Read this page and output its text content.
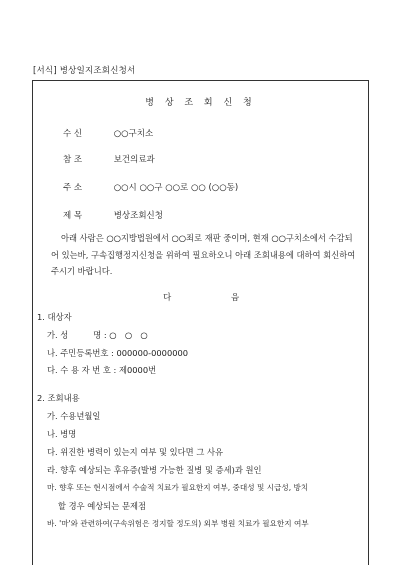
[서식] 병상일지조회신청서
병 상 조 회 신 청
수 신	○○구치소
참 조	보건의료과
주 소	○○시 ○○구 ○○로 ○○ (○○동)
제 목	병상조회신청
아래 사람은 ○○지방법원에서 ○○죄로 재판 중이며, 현재 ○○구치소에서 수감되어 있는바, 구속집행정지신청을 위하여 필요하오니 아래 조회내용에 대하여 회신하여 주시기 바랍니다.
다	음
1. 대상자
가. 성　　　명 : ○　○　○
나. 주민등록번호 : 000000-0000000
다. 수 용 자 번 호 : 제0000번
2. 조회내용
가. 수용년월일
나. 병명
다. 위진한 병력이 있는지 여부 및 있다면 그 사유
라. 향후 예상되는 후유증(발병 가능한 질병 및 증세)과 원인
마. 향후 또는 현시점에서 수술적 치료가 필요한지 여부, 중대성 및 시급성, 방치
　 할 경우 예상되는 문제점
바. '마'와 관련하여(구속위험은 정지할 정도의) 외부 병원 치료가 필요한지 여부
